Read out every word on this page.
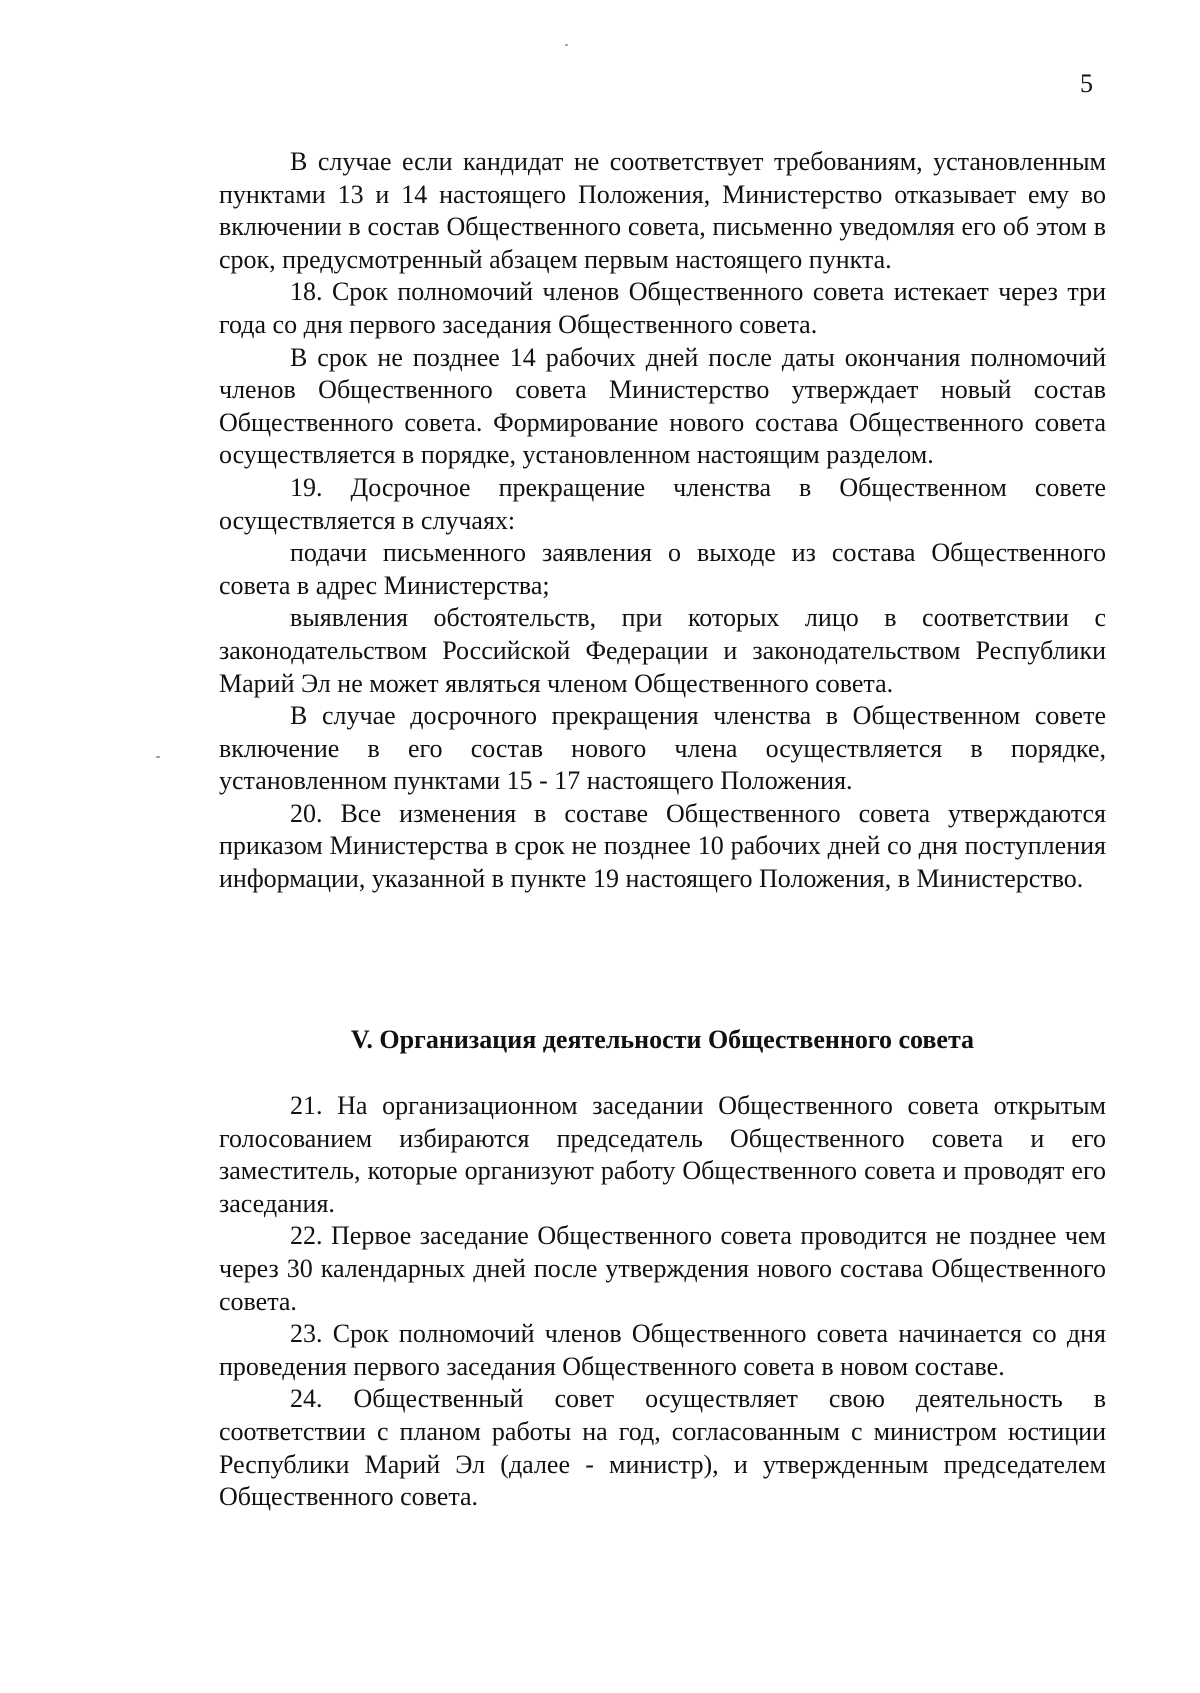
5

В случае если кандидат не соответствует требованиям, установленным пунктами 13 и 14 настоящего Положения, Министерство отказывает ему во включении в состав Общественного совета, письменно уведомляя его об этом в срок, предусмотренный абзацем первым настоящего пункта.

18. Срок полномочий членов Общественного совета истекает через три года со дня первого заседания Общественного совета.

В срок не позднее 14 рабочих дней после даты окончания полномочий членов Общественного совета Министерство утверждает новый состав Общественного совета. Формирование нового состава Общественного совета осуществляется в порядке, установленном настоящим разделом.

19. Досрочное прекращение членства в Общественном совете осуществляется в случаях:

подачи письменного заявления о выходе из состава Общественного совета в адрес Министерства;

выявления обстоятельств, при которых лицо в соответствии с законодательством Российской Федерации и законодательством Республики Марий Эл не может являться членом Общественного совета.

В случае досрочного прекращения членства в Общественном совете включение в его состав нового члена осуществляется в порядке, установленном пунктами 15 - 17 настоящего Положения.

20. Все изменения в составе Общественного совета утверждаются приказом Министерства в срок не позднее 10 рабочих дней со дня поступления информации, указанной в пункте 19 настоящего Положения, в Министерство.

V. Организация деятельности Общественного совета

21. На организационном заседании Общественного совета открытым голосованием избираются председатель Общественного совета и его заместитель, которые организуют работу Общественного совета и проводят его заседания.

22. Первое заседание Общественного совета проводится не позднее чем через 30 календарных дней после утверждения нового состава Общественного совета.

23. Срок полномочий членов Общественного совета начинается со дня проведения первого заседания Общественного совета в новом составе.

24. Общественный совет осуществляет свою деятельность в соответствии с планом работы на год, согласованным с министром юстиции Республики Марий Эл (далее - министр), и утвержденным председателем Общественного совета.
